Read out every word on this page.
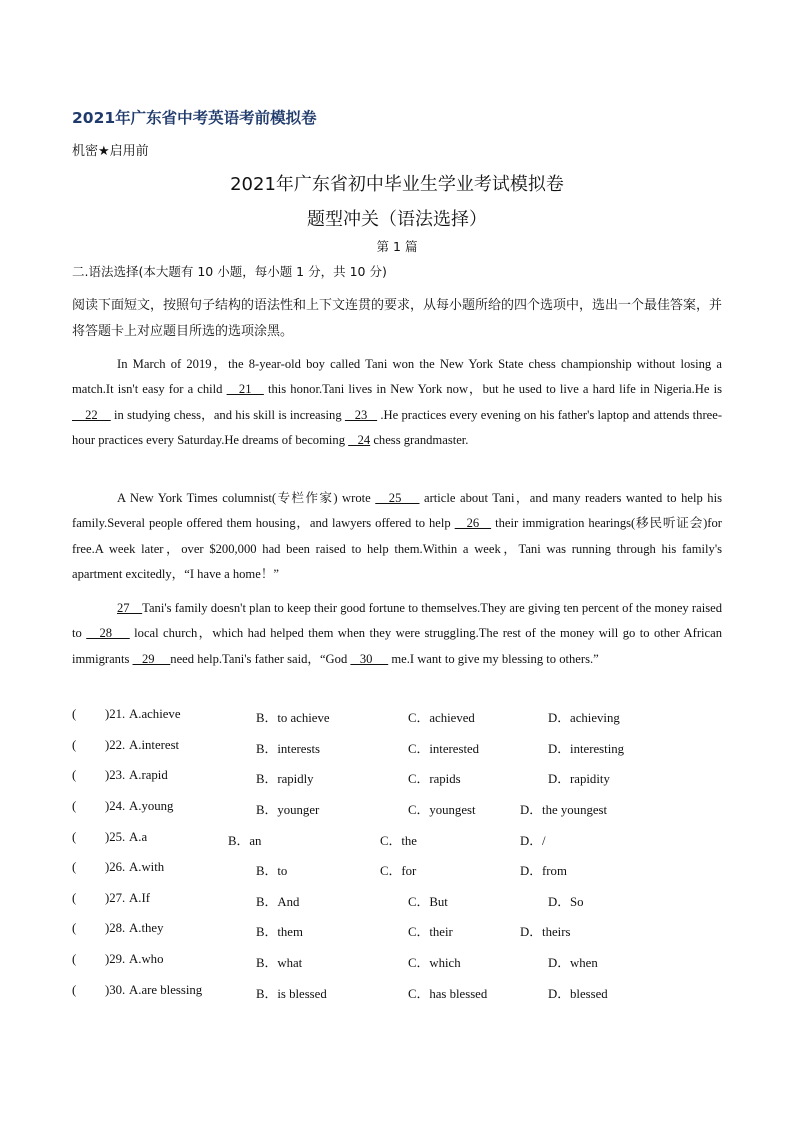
2021年广东省中考英语考前模拟卷
机密★启用前
2021年广东省初中毕业生学业考试模拟卷
题型冲关（语法选择）
第 1 篇
二.语法选择(本大题有 10 小题，每小题 1 分，共 10 分)
阅读下面短文，按照句子结构的语法性和上下文连贯的要求，从每小题所给的四个选项中，选出一个最佳答案，并将答题卡上对应题目所选的选项涂黑。

In March of 2019，the 8-year-old boy called Tani won the New York State chess championship without losing a match.It isn't easy for a child    21    this honor.Tani lives in New York now，but he used to live a hard life in Nigeria.He is    22     in studying chess，and his skill is increasing    23    .He practices every evening on his father's laptop and attends three-hour practices every Saturday.He dreams of becoming    24 chess grandmaster.

A New York Times columnist(专栏作家) wrote    25     article about Tani，and many readers wanted to help his family.Several people offered them housing，and lawyers offered to help    26    their immigration hearings(移民听证会)for free.A week later，over $200,000 had been raised to help them.Within a week，Tani was running through his family's apartment excitedly，“I have a home！”

27    Tani's family doesn't plan to keep their good fortune to themselves.They are giving ten percent of the money raised to    28     local church，which had helped them when they were struggling.The rest of the money will go to other African immigrants    29     need help.Tani's father said，“God    30      me.I want to give my blessing to others.”

( )21. A.achieve	B．to achieve	C．achieved	D．achieving
( )22. A.interest	B．interests	C．interested	D．interesting
( )23. A.rapid	B．rapidly	C．rapids	D．rapidity
( )24. A.young	B．younger	C．youngest	D．the youngest
( )25. A.a	B．an	C．the	D．/
( )26. A.with	B．to	C．for	D．from
( )27. A.If	B．And	C．But	D．So
( )28. A.they	B．them	C．their	D．theirs
( )29. A.who	B．what	C．which	D．when
( )30. A.are blessing	B．is blessed	C．has blessed	D．blessed
